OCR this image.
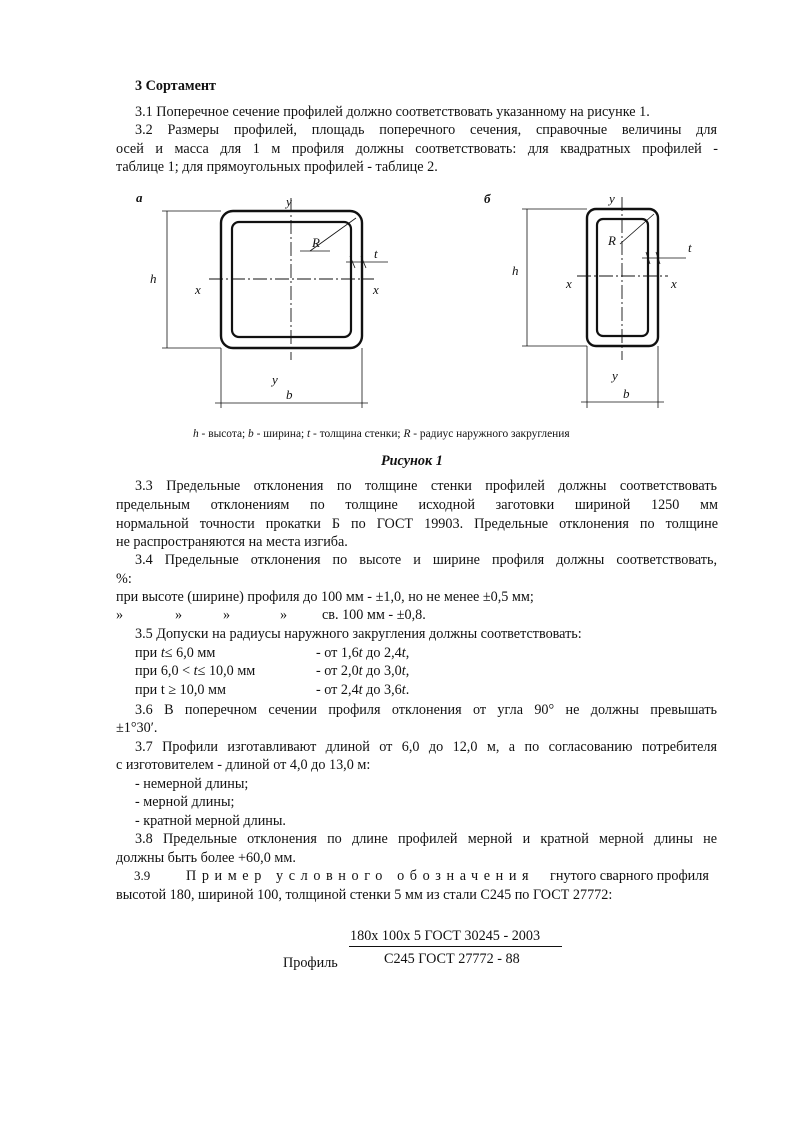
3 Сортамент
3.1 Поперечное сечение профилей должно соответствовать указанному на рисунке 1.
3.2 Размеры профилей, площадь поперечного сечения, справочные величины для
осей и масса для 1 м профиля должны соответствовать: для квадратных профилей -
таблице 1; для прямоугольных профилей - таблице 2.
а
h
y
x	x
R
t
y
b
б
h
y
x	x
R	t
y
b
h - высота; b - ширина; t - толщина стенки; R - радиус наружного закругления
Рисунок 1
3.3 Предельные отклонения по толщине стенки профилей должны соответствовать
предельным отклонениям по толщине исходной заготовки шириной 1250 мм
нормальной точности прокатки Б по ГОСТ 19903. Предельные отклонения по толщине
не распространяются на места изгиба.
3.4 Предельные отклонения по высоте и ширине профиля должны соответствовать,
%:
при высоте (ширине) профиля до 100 мм - ±1,0, но не менее ±0,5 мм;
»	»	»	» св. 100 мм - ±0,8.
3.5 Допуски на радиусы наружного закругления должны соответствовать:
при t≤ 6,0 мм	- от 1,6t до 2,4t,
при 6,0 < t≤ 10,0 мм	- от 2,0t до 3,0t,
при t ≥ 10,0 мм	- от 2,4t до 3,6t.
3.6 В поперечном сечении профиля отклонения от угла 90° не должны превышать
±1°30′.
3.7 Профили изготавливают длиной от 6,0 до 12,0 м, а по согласованию потребителя
с изготовителем - длиной от 4,0 до 13,0 м:
- немерной длины;
- мерной длины;
- кратной мерной длины.
3.8 Предельные отклонения по длине профилей мерной и кратной мерной длины не
должны быть более +60,0 мм.
3.9	Пример условного обозначения гнутого сварного профиля
высотой 180, шириной 100, толщиной стенки 5 мм из стали С245 по ГОСТ 27772:
180x 100x 5 ГОСТ 30245 - 2003
С245 ГОСТ 27772 - 88
Профиль
